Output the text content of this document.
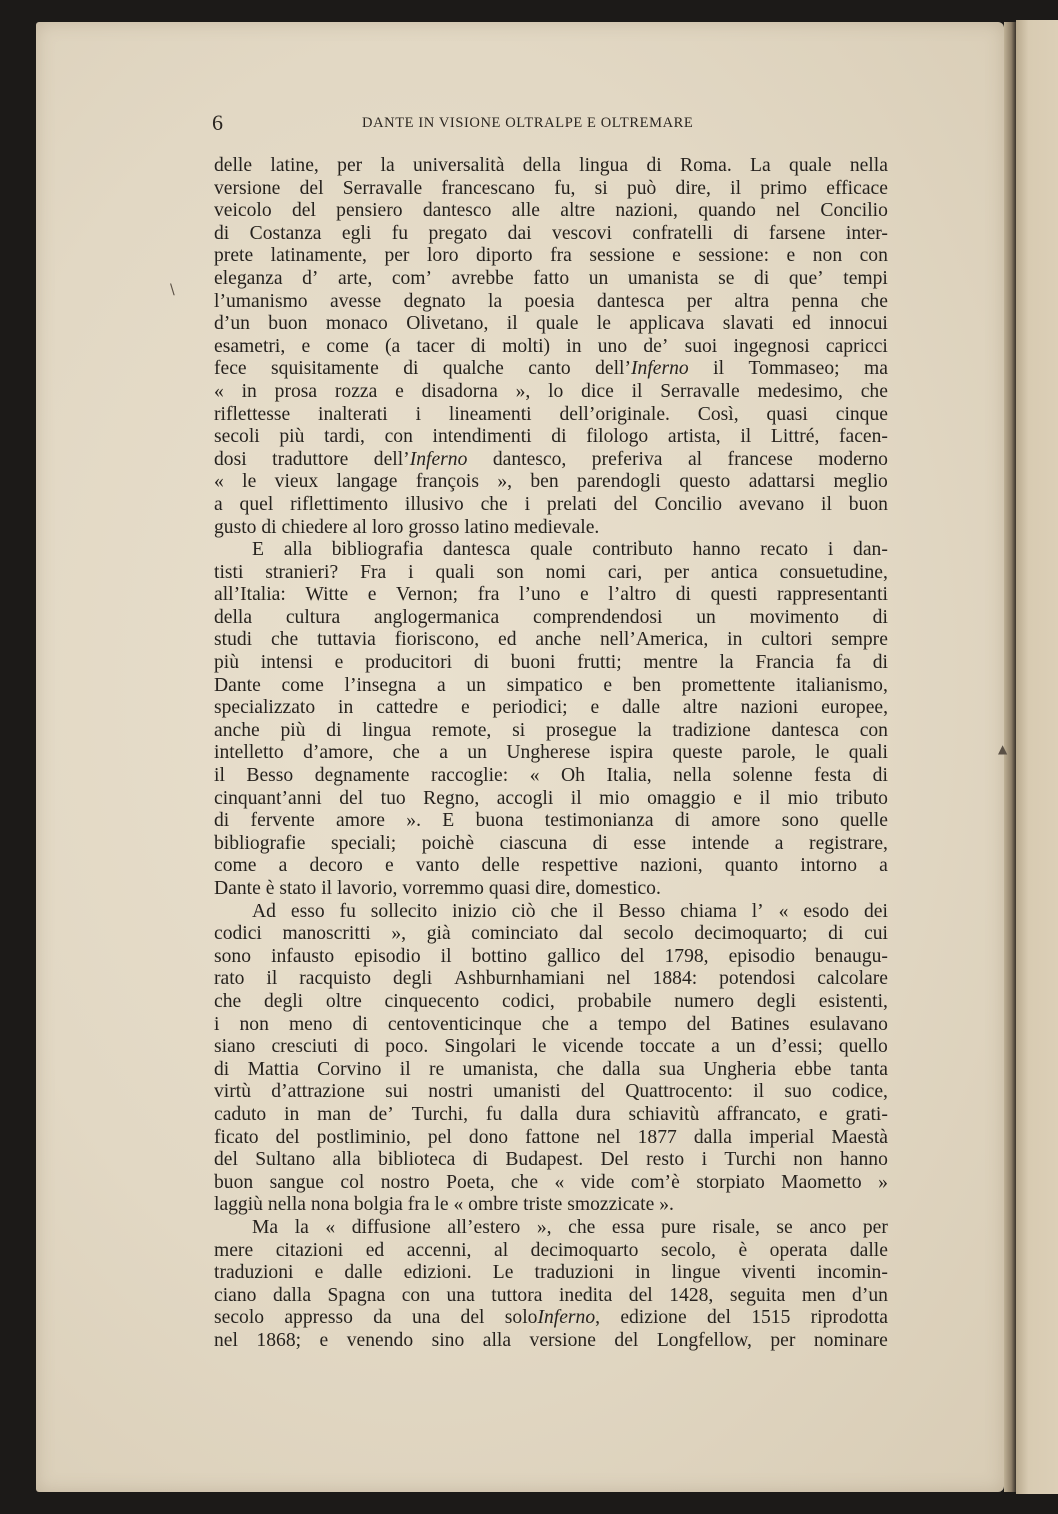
6	DANTE IN VISIONE OLTRALPE E OLTREMARE
delle latine, per la universalità della lingua di Roma. La quale nella
versione del Serravalle francescano fu, si può dire, il primo efficace
veicolo del pensiero dantesco alle altre nazioni, quando nel Concilio
di Costanza egli fu pregato dai vescovi confratelli di farsene inter-
prete latinamente, per loro diporto fra sessione e sessione: e non con
eleganza d’ arte, com’ avrebbe fatto un umanista se di que’ tempi
l’umanismo avesse degnato la poesia dantesca per altra penna che
d’un buon monaco Olivetano, il quale le applicava slavati ed innocui
esametri, e come (a tacer di molti) in uno de’ suoi ingegnosi capricci
fece squisitamente di qualche canto dell’Inferno il Tommaseo; ma
« in prosa rozza e disadorna », lo dice il Serravalle medesimo, che
riflettesse inalterati i lineamenti dell’originale. Così, quasi cinque
secoli più tardi, con intendimenti di filologo artista, il Littré, facen-
dosi traduttore dell’Inferno dantesco, preferiva al francese moderno
« le vieux langage françois », ben parendogli questo adattarsi meglio
a quel riflettimento illusivo che i prelati del Concilio avevano il buon
gusto di chiedere al loro grosso latino medievale.
E alla bibliografia dantesca quale contributo hanno recato i dan-
tisti stranieri? Fra i quali son nomi cari, per antica consuetudine,
all’Italia: Witte e Vernon; fra l’uno e l’altro di questi rappresentanti
della cultura anglogermanica comprendendosi un movimento di
studi che tuttavia fioriscono, ed anche nell’America, in cultori sempre
più intensi e producitori di buoni frutti; mentre la Francia fa di
Dante come l’insegna a un simpatico e ben promettente italianismo,
specializzato in cattedre e periodici; e dalle altre nazioni europee,
anche più di lingua remote, si prosegue la tradizione dantesca con
intelletto d’amore, che a un Ungherese ispira queste parole, le quali
il Besso degnamente raccoglie: « Oh Italia, nella solenne festa di
cinquant’anni del tuo Regno, accogli il mio omaggio e il mio tributo
di fervente amore ». E buona testimonianza di amore sono quelle
bibliografie speciali; poichè ciascuna di esse intende a registrare,
come a decoro e vanto delle respettive nazioni, quanto intorno a
Dante è stato il lavorio, vorremmo quasi dire, domestico.
Ad esso fu sollecito inizio ciò che il Besso chiama l’ « esodo dei
codici manoscritti », già cominciato dal secolo decimoquarto; di cui
sono infausto episodio il bottino gallico del 1798, episodio benaugu-
rato il racquisto degli Ashburnhamiani nel 1884: potendosi calcolare
che degli oltre cinquecento codici, probabile numero degli esistenti,
i non meno di centoventicinque che a tempo del Batines esulavano
siano cresciuti di poco. Singolari le vicende toccate a un d’essi; quello
di Mattia Corvino il re umanista, che dalla sua Ungheria ebbe tanta
virtù d’attrazione sui nostri umanisti del Quattrocento: il suo codice,
caduto in man de’ Turchi, fu dalla dura schiavitù affrancato, e grati-
ficato del postliminio, pel dono fattone nel 1877 dalla imperial Maestà
del Sultano alla biblioteca di Budapest. Del resto i Turchi non hanno
buon sangue col nostro Poeta, che « vide com’è storpiato Maometto »
laggiù nella nona bolgia fra le « ombre triste smozzicate ».
Ma la « diffusione all’estero », che essa pure risale, se anco per
mere citazioni ed accenni, al decimoquarto secolo, è operata dalle
traduzioni e dalle edizioni. Le traduzioni in lingue viventi incomin-
ciano dalla Spagna con una tuttora inedita del 1428, seguita men d’un
secolo appresso da una del soloInferno, edizione del 1515 riprodotta
nel 1868; e venendo sino alla versione del Longfellow, per nominare
\
▲
